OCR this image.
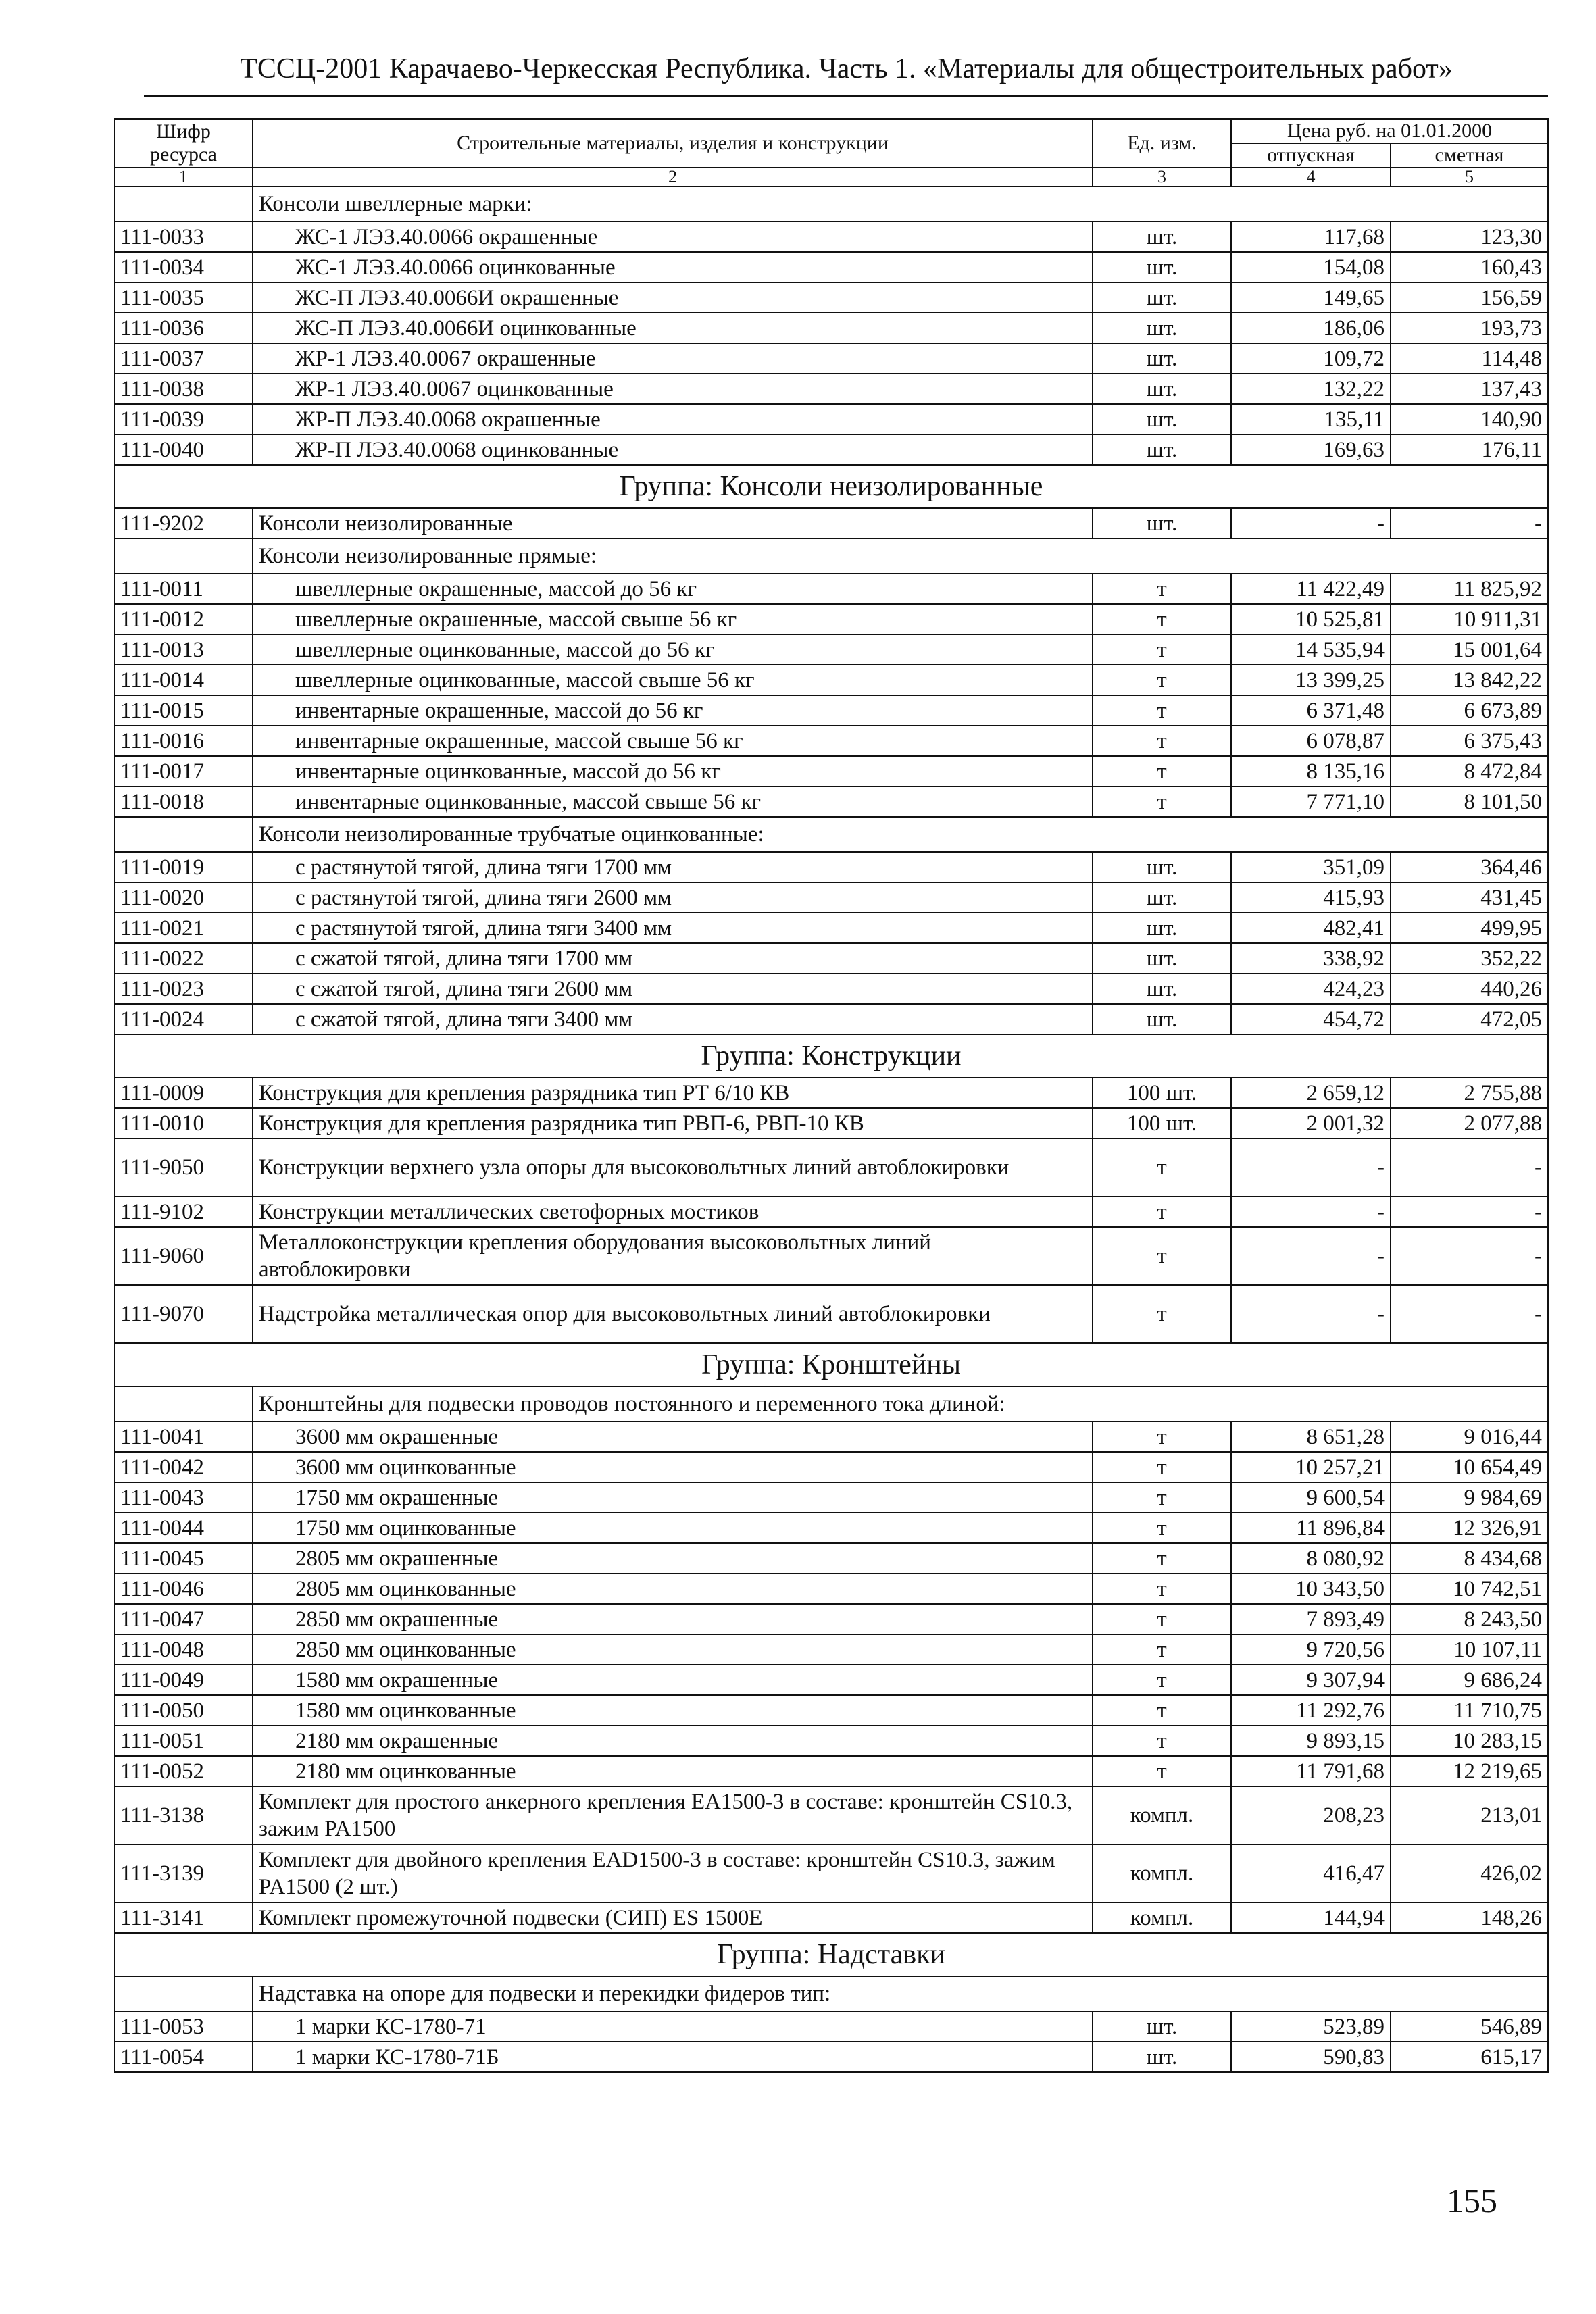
ТССЦ-2001 Карачаево-Черкесская Республика. Часть 1. «Материалы для общестроительных работ»
Шифр ресурса	Строительные материалы, изделия и конструкции	Ед. изм.	Цена руб. на 01.01.2000	
			отпускная	сметная
1	2	3	4	5
	Консоли швеллерные марки:			
111-0033	ЖС-1 ЛЭЗ.40.0066 окрашенные	шт.	117,68	123,30
111-0034	ЖС-1 ЛЭЗ.40.0066 оцинкованные	шт.	154,08	160,43
111-0035	ЖС-П ЛЭЗ.40.0066И окрашенные	шт.	149,65	156,59
111-0036	ЖС-П ЛЭЗ.40.0066И оцинкованные	шт.	186,06	193,73
111-0037	ЖР-1 ЛЭЗ.40.0067 окрашенные	шт.	109,72	114,48
111-0038	ЖР-1 ЛЭЗ.40.0067 оцинкованные	шт.	132,22	137,43
111-0039	ЖР-П ЛЭЗ.40.0068 окрашенные	шт.	135,11	140,90
111-0040	ЖР-П ЛЭЗ.40.0068 оцинкованные	шт.	169,63	176,11
Группа: Консоли неизолированные				
111-9202	Консоли неизолированные	шт.	-	-
	Консоли неизолированные прямые:			
111-0011	швеллерные окрашенные, массой до 56 кг	т	11 422,49	11 825,92
111-0012	швеллерные окрашенные, массой свыше 56 кг	т	10 525,81	10 911,31
111-0013	швеллерные оцинкованные, массой до 56 кг	т	14 535,94	15 001,64
111-0014	швеллерные оцинкованные, массой свыше 56 кг	т	13 399,25	13 842,22
111-0015	инвентарные окрашенные, массой до 56 кг	т	6 371,48	6 673,89
111-0016	инвентарные окрашенные, массой свыше 56 кг	т	6 078,87	6 375,43
111-0017	инвентарные оцинкованные, массой до 56 кг	т	8 135,16	8 472,84
111-0018	инвентарные оцинкованные, массой свыше 56 кг	т	7 771,10	8 101,50
	Консоли неизолированные трубчатые оцинкованные:			
111-0019	с растянутой тягой, длина тяги 1700 мм	шт.	351,09	364,46
111-0020	с растянутой тягой, длина тяги 2600 мм	шт.	415,93	431,45
111-0021	с растянутой тягой, длина тяги 3400 мм	шт.	482,41	499,95
111-0022	с сжатой тягой, длина тяги 1700 мм	шт.	338,92	352,22
111-0023	с сжатой тягой, длина тяги 2600 мм	шт.	424,23	440,26
111-0024	с сжатой тягой, длина тяги 3400 мм	шт.	454,72	472,05
Группа: Конструкции				
111-0009	Конструкция для крепления разрядника тип РТ 6/10 КВ	100 шт.	2 659,12	2 755,88
111-0010	Конструкция для крепления разрядника тип РВП-6, РВП-10 КВ	100 шт.	2 001,32	2 077,88
111-9050	Конструкции верхнего узла опоры для высоковольтных линий автоблокировки	т	-	-
111-9102	Конструкции металлических светофорных мостиков	т	-	-
111-9060	Металлоконструкции крепления оборудования высоковольтных линий автоблокировки	т	-	-
111-9070	Надстройка металлическая опор для высоковольтных линий автоблокировки	т	-	-
Группа: Кронштейны				
	Кронштейны для подвески проводов постоянного и переменного тока длиной:			
111-0041	3600 мм окрашенные	т	8 651,28	9 016,44
111-0042	3600 мм оцинкованные	т	10 257,21	10 654,49
111-0043	1750 мм окрашенные	т	9 600,54	9 984,69
111-0044	1750 мм оцинкованные	т	11 896,84	12 326,91
111-0045	2805 мм окрашенные	т	8 080,92	8 434,68
111-0046	2805 мм оцинкованные	т	10 343,50	10 742,51
111-0047	2850 мм окрашенные	т	7 893,49	8 243,50
111-0048	2850 мм оцинкованные	т	9 720,56	10 107,11
111-0049	1580 мм окрашенные	т	9 307,94	9 686,24
111-0050	1580 мм оцинкованные	т	11 292,76	11 710,75
111-0051	2180 мм окрашенные	т	9 893,15	10 283,15
111-0052	2180 мм оцинкованные	т	11 791,68	12 219,65
111-3138	Комплект для простого анкерного крепления ЕА1500-3 в составе: кронштейн CS10.3, зажим PA1500	компл.	208,23	213,01
111-3139	Комплект для двойного крепления EAD1500-3 в составе: кронштейн CS10.3, зажим PA1500 (2 шт.)	компл.	416,47	426,02
111-3141	Комплект промежуточной подвески (СИП) ES 1500E	компл.	144,94	148,26
Группа: Надставки				
	Надставка на опоре для подвески и перекидки фидеров тип:			
111-0053	1 марки КС-1780-71	шт.	523,89	546,89
111-0054	1 марки КС-1780-71Б	шт.	590,83	615,17
155
